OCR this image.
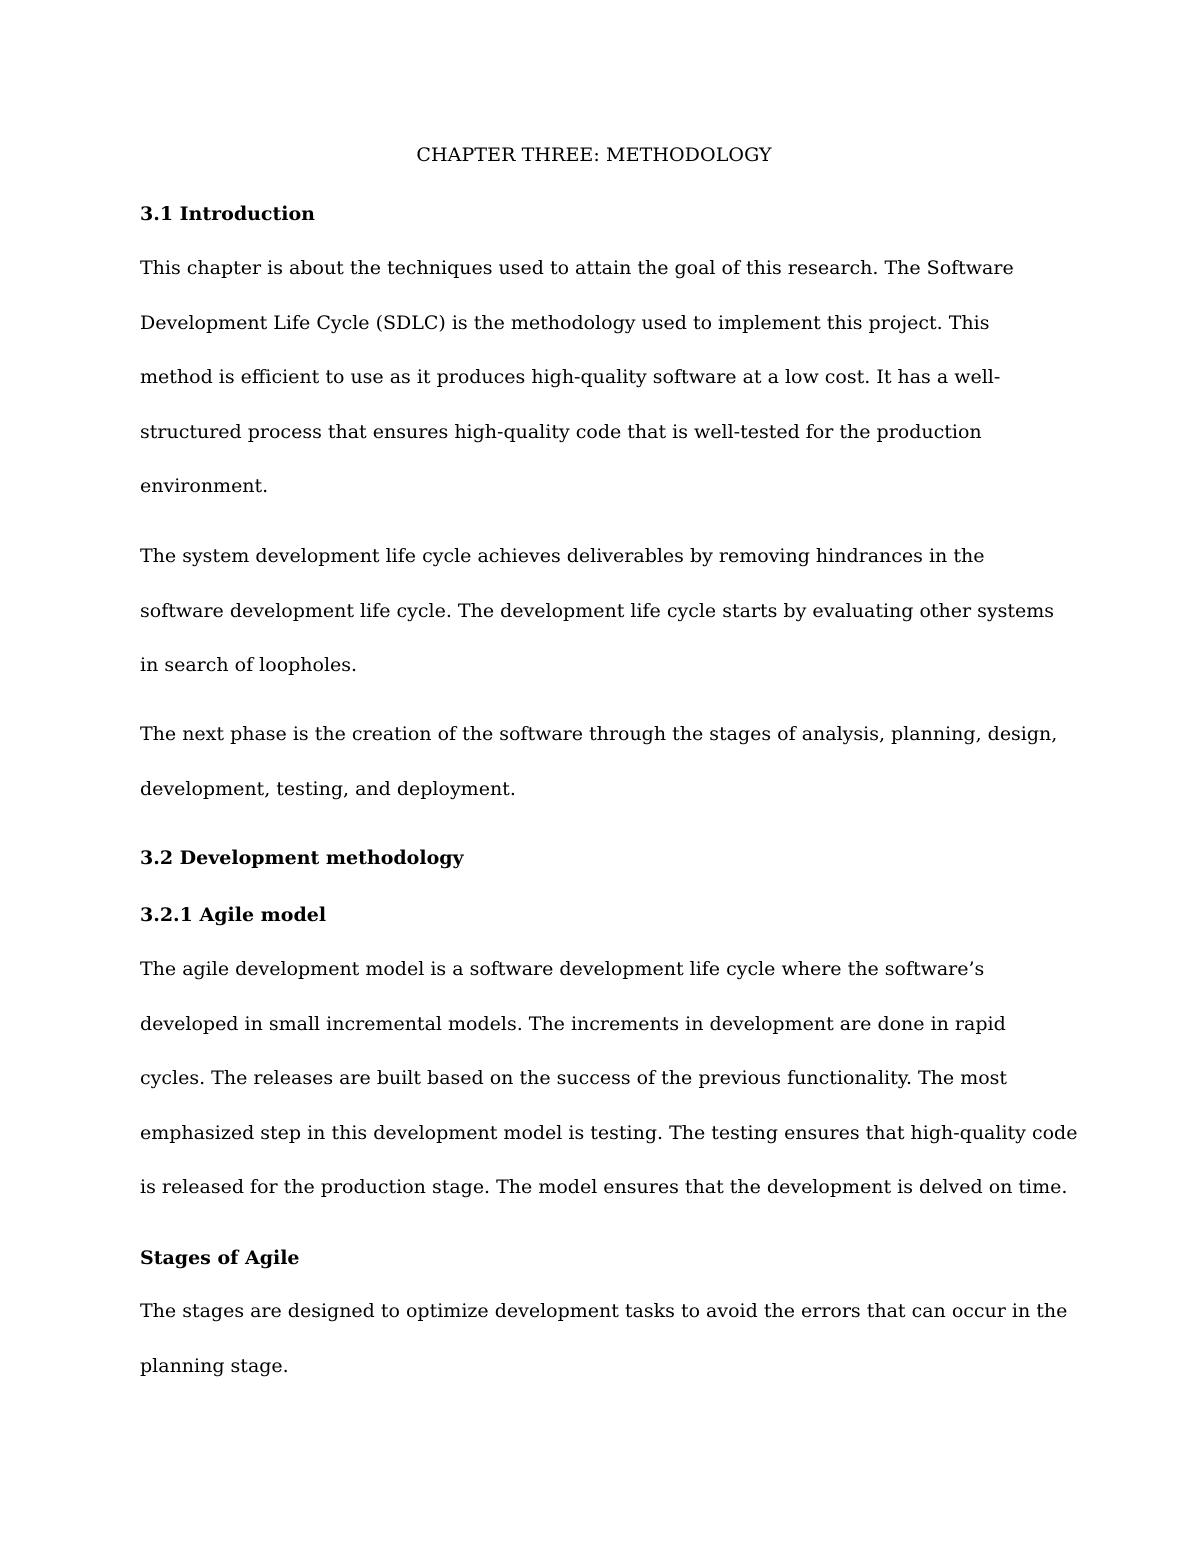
CHAPTER THREE: METHODOLOGY
3.1 Introduction
This chapter is about the techniques used to attain the goal of this research. The Software
Development Life Cycle (SDLC) is the methodology used to implement this project. This
method is efficient to use as it produces high-quality software at a low cost. It has a well-
structured process that ensures high-quality code that is well-tested for the production
environment.
The system development life cycle achieves deliverables by removing hindrances in the
software development life cycle. The development life cycle starts by evaluating other systems
in search of loopholes.
The next phase is the creation of the software through the stages of analysis, planning, design,
development, testing, and deployment.
3.2 Development methodology
3.2.1 Agile model
The agile development model is a software development life cycle where the software’s
developed in small incremental models. The increments in development are done in rapid
cycles. The releases are built based on the success of the previous functionality. The most
emphasized step in this development model is testing. The testing ensures that high-quality code
is released for the production stage. The model ensures that the development is delved on time.
Stages of Agile
The stages are designed to optimize development tasks to avoid the errors that can occur in the
planning stage.
